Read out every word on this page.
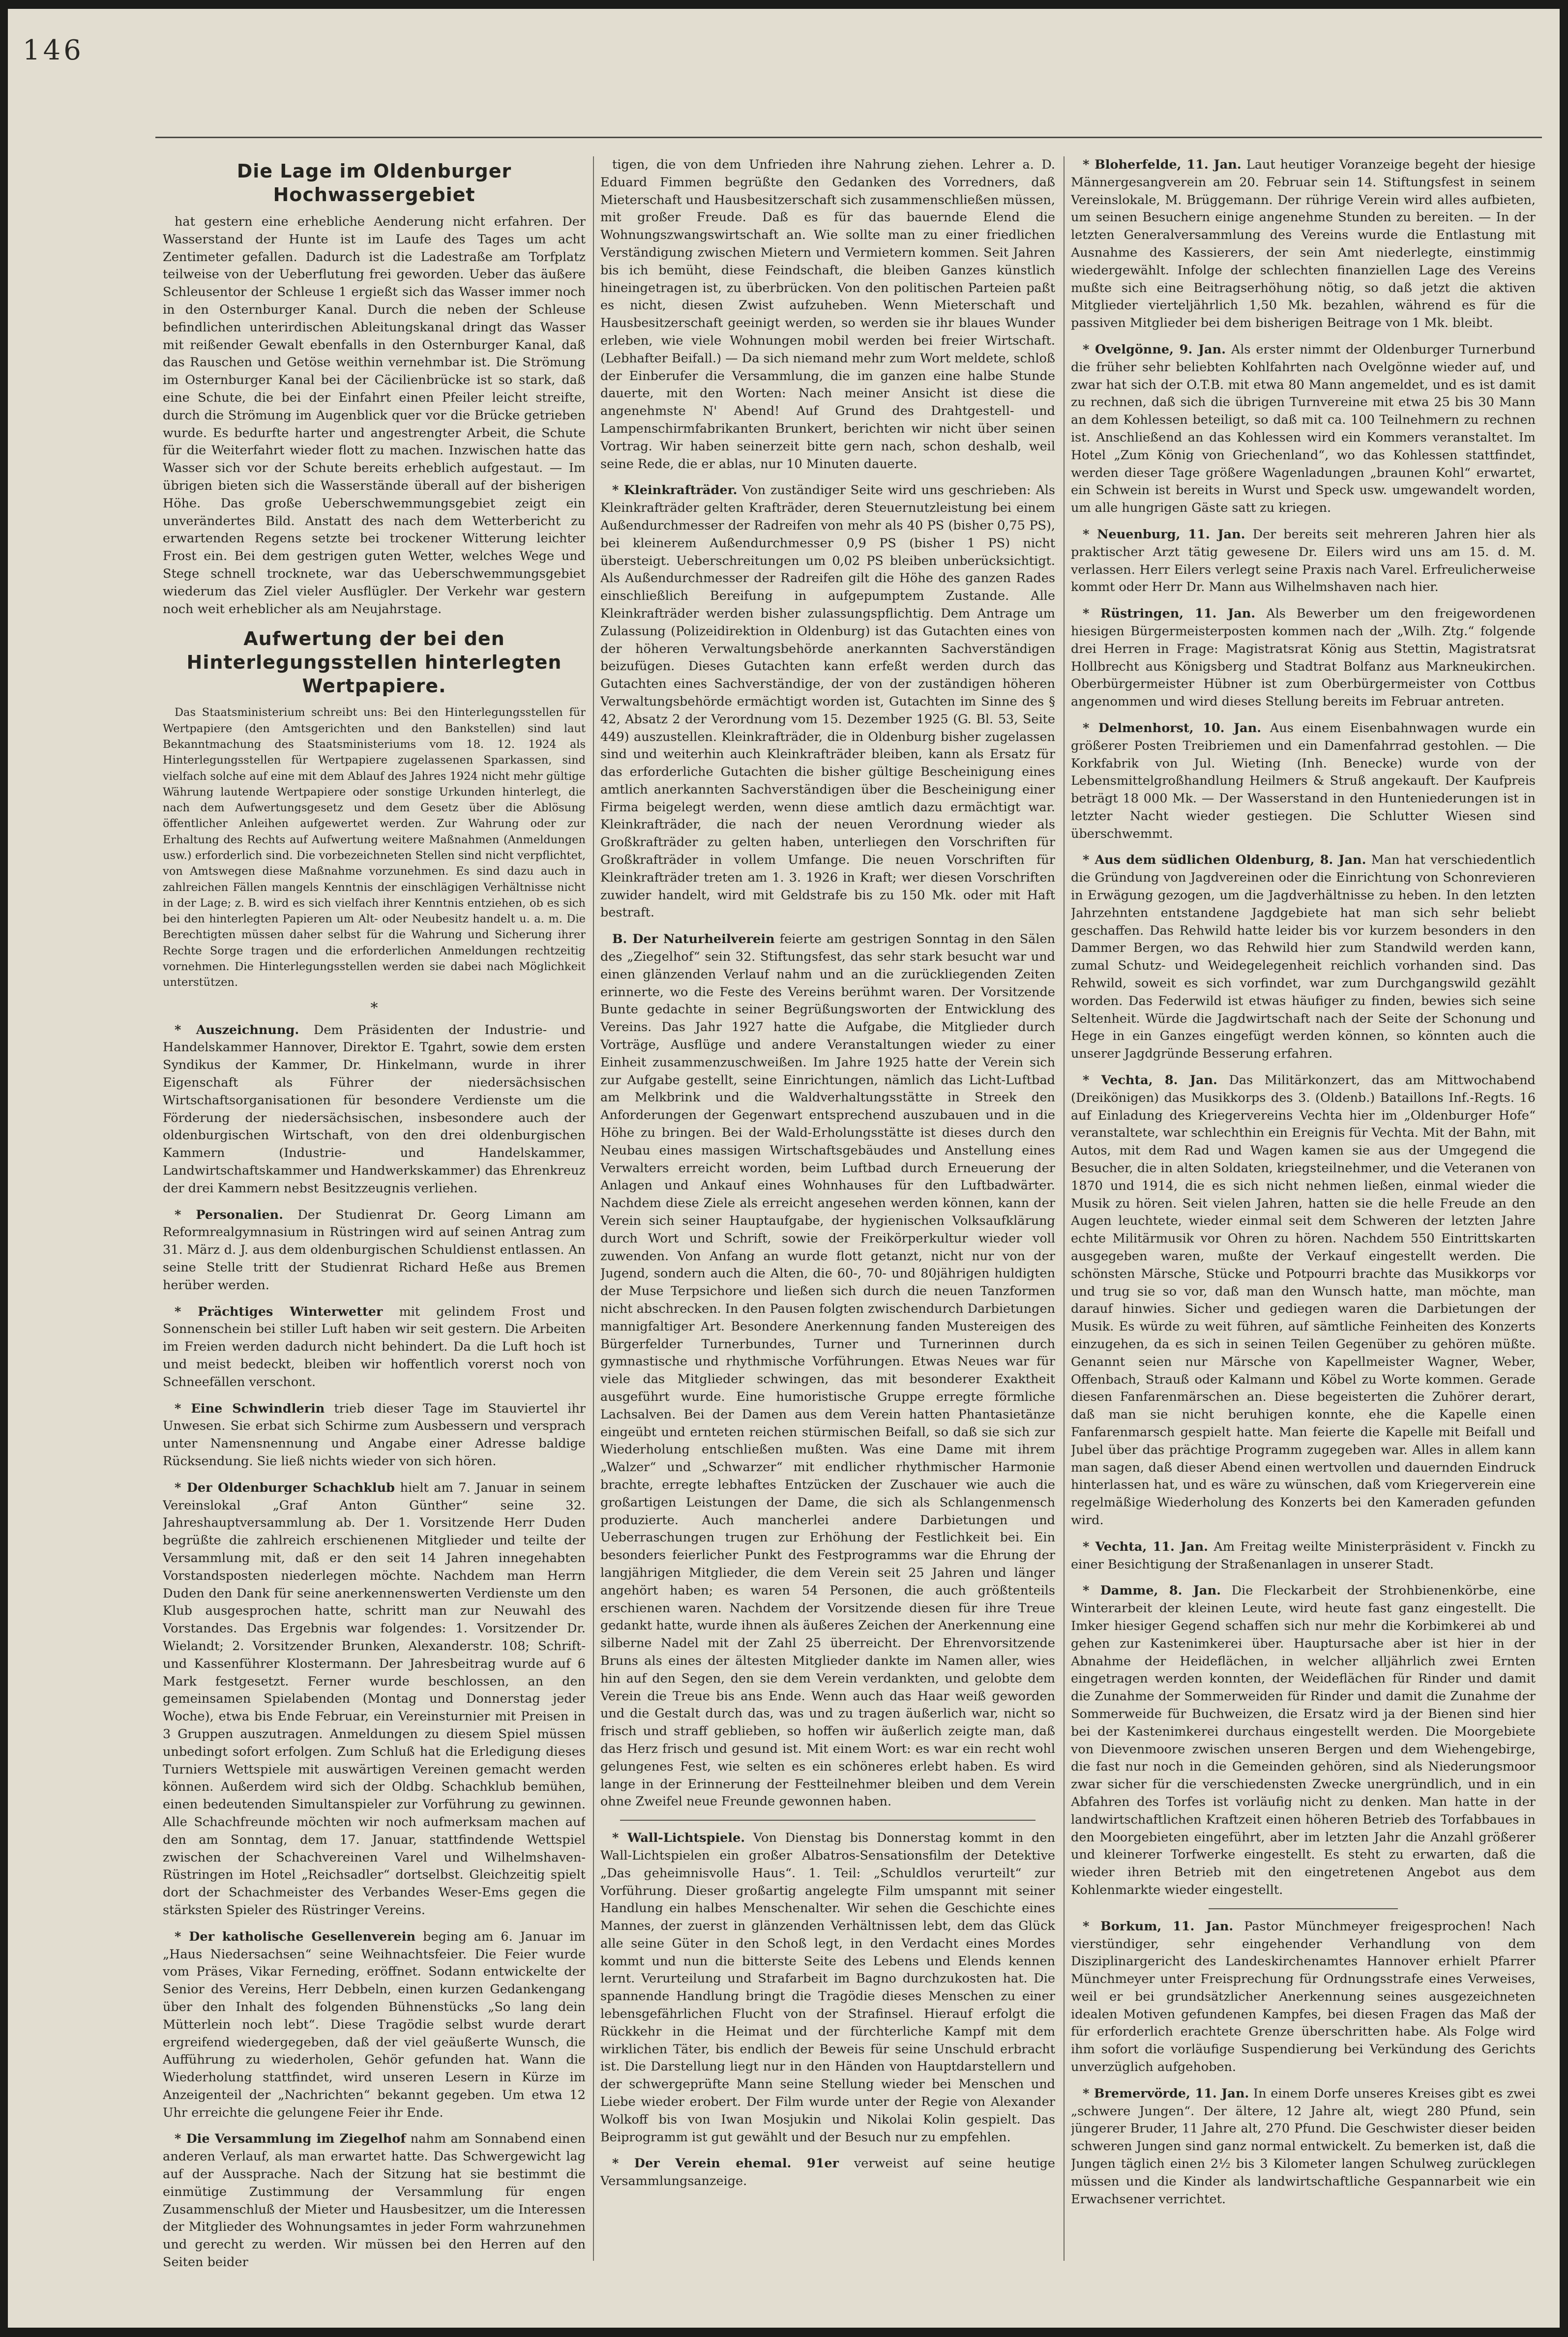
146
Die Lage im Oldenburger Hochwassergebiet

hat gestern eine erhebliche Aenderung nicht erfahren. Der Wasserstand der Hunte ist im Laufe des Tages um acht Zentimeter gefallen. Dadurch ist die Ladestraße am Torfplatz teilweise von der Ueberflutung frei geworden. Ueber das äußere Schleusentor der Schleuse 1 ergießt sich das Wasser immer noch in den Osternburger Kanal. Durch die neben der Schleuse befindlichen unterirdischen Ableitungskanal dringt das Wasser mit reißender Gewalt ebenfalls in den Osternburger Kanal, daß das Rauschen und Getöse weithin vernehmbar ist. Die Strömung im Osternburger Kanal bei der Cäcilienbrücke ist so stark, daß eine Schute, die bei der Einfahrt einen Pfeiler leicht streifte, durch die Strömung im Augenblick quer vor die Brücke getrieben wurde. Es bedurfte harter und angestrengter Arbeit, die Schute für die Weiterfahrt wieder flott zu machen. Inzwischen hatte das Wasser sich vor der Schute bereits erheblich aufgestaut. — Im übrigen bieten sich die Wasserstände überall auf der bisherigen Höhe. Das große Ueberschwemmungsgebiet zeigt ein unverändertes Bild. Anstatt des nach dem Wetterbericht zu erwartenden Regens setzte bei trockener Witterung leichter Frost ein. Bei dem gestrigen guten Wetter, welches Wege und Stege schnell trocknete, war das Ueberschwemmungsgebiet wiederum das Ziel vieler Ausflügler. Der Verkehr war gestern noch weit erheblicher als am Neujahrstage.

Aufwertung der bei den Hinterlegungsstellen hinterlegten Wertpapiere.

Das Staatsministerium schreibt uns: Bei den Hinterlegungsstellen für Wertpapiere (den Amtsgerichten und den Bankstellen) sind laut Bekanntmachung des Staatsministeriums vom 18. 12. 1924 als Hinterlegungsstellen für Wertpapiere zugelassenen Sparkassen, sind vielfach solche auf eine mit dem Ablauf des Jahres 1924 nicht mehr gültige Währung lautende Wertpapiere oder sonstige Urkunden hinterlegt, die nach dem Aufwertungsgesetz und dem Gesetz über die Ablösung öffentlicher Anleihen aufgewertet werden. Zur Wahrung oder zur Erhaltung des Rechts auf Aufwertung weitere Maßnahmen (Anmeldungen usw.) erforderlich sind. Die vorbezeichneten Stellen sind nicht verpflichtet, von Amtswegen diese Maßnahme vorzunehmen. Es sind dazu auch in zahlreichen Fällen mangels Kenntnis der einschlägigen Verhältnisse nicht in der Lage; z. B. wird es sich vielfach ihrer Kenntnis entziehen, ob es sich bei den hinterlegten Papieren um Alt- oder Neubesitz handelt u. a. m. Die Berechtigten müssen daher selbst für die Wahrung und Sicherung ihrer Rechte Sorge tragen und die erforderlichen Anmeldungen rechtzeitig vornehmen. Die Hinterlegungsstellen werden sie dabei nach Möglichkeit unterstützen.

*

* Auszeichnung. Dem Präsidenten der Industrie- und Handelskammer Hannover, Direktor E. Tgahrt, sowie dem ersten Syndikus der Kammer, Dr. Hinkelmann, wurde in ihrer Eigenschaft als Führer der niedersächsischen Wirtschaftsorganisationen für besondere Verdienste um die Förderung der niedersächsischen, insbesondere auch der oldenburgischen Wirtschaft, von den drei oldenburgischen Kammern (Industrie- und Handelskammer, Landwirtschaftskammer und Handwerkskammer) das Ehrenkreuz der drei Kammern nebst Besitzzeugnis verliehen.

* Personalien. Der Studienrat Dr. Georg Limann am Reformrealgymnasium in Rüstringen wird auf seinen Antrag zum 31. März d. J. aus dem oldenburgischen Schuldienst entlassen. An seine Stelle tritt der Studienrat Richard Heße aus Bremen herüber werden.

* Prächtiges Winterwetter mit gelindem Frost und Sonnenschein bei stiller Luft haben wir seit gestern. Die Arbeiten im Freien werden dadurch nicht behindert. Da die Luft hoch ist und meist bedeckt, bleiben wir hoffentlich vorerst noch von Schneefällen verschont.

* Eine Schwindlerin trieb dieser Tage im Stauviertel ihr Unwesen. Sie erbat sich Schirme zum Ausbessern und versprach unter Namensnennung und Angabe einer Adresse baldige Rücksendung. Sie ließ nichts wieder von sich hören.

* Der Oldenburger Schachklub hielt am 7. Januar in seinem Vereinslokal „Graf Anton Günther“ seine 32. Jahreshauptversammlung ab. Der 1. Vorsitzende Herr Duden begrüßte die zahlreich erschienenen Mitglieder und teilte der Versammlung mit, daß er den seit 14 Jahren innegehabten Vorstandsposten niederlegen möchte. Nachdem man Herrn Duden den Dank für seine anerkennenswerten Verdienste um den Klub ausgesprochen hatte, schritt man zur Neuwahl des Vorstandes. Das Ergebnis war folgendes: 1. Vorsitzender Dr. Wielandt; 2. Vorsitzender Brunken, Alexanderstr. 108; Schrift- und Kassenführer Klostermann. Der Jahresbeitrag wurde auf 6 Mark festgesetzt. Ferner wurde beschlossen, an den gemeinsamen Spielabenden (Montag und Donnerstag jeder Woche), etwa bis Ende Februar, ein Vereinsturnier mit Preisen in 3 Gruppen auszutragen. Anmeldungen zu diesem Spiel müssen unbedingt sofort erfolgen. Zum Schluß hat die Erledigung dieses Turniers Wettspiele mit auswärtigen Vereinen gemacht werden können. Außerdem wird sich der Oldbg. Schachklub bemühen, einen bedeutenden Simultanspieler zur Vorführung zu gewinnen. Alle Schachfreunde möchten wir noch aufmerksam machen auf den am Sonntag, dem 17. Januar, stattfindende Wettspiel zwischen der Schachvereinen Varel und Wilhelmshaven-Rüstringen im Hotel „Reichsadler“ dortselbst. Gleichzeitig spielt dort der Schachmeister des Verbandes Weser-Ems gegen die stärksten Spieler des Rüstringer Vereins.

* Der katholische Gesellenverein beging am 6. Januar im „Haus Niedersachsen“ seine Weihnachtsfeier. Die Feier wurde vom Präses, Vikar Ferneding, eröffnet. Sodann entwickelte der Senior des Vereins, Herr Debbeln, einen kurzen Gedankengang über den Inhalt des folgenden Bühnenstücks „So lang dein Mütterlein noch lebt“. Diese Tragödie selbst wurde derart ergreifend wiedergegeben, daß der viel geäußerte Wunsch, die Aufführung zu wiederholen, Gehör gefunden hat. Wann die Wiederholung stattfindet, wird unseren Lesern in Kürze im Anzeigenteil der „Nachrichten“ bekannt gegeben. Um etwa 12 Uhr erreichte die gelungene Feier ihr Ende.

* Die Versammlung im Ziegelhof nahm am Sonnabend einen anderen Verlauf, als man erwartet hatte. Das Schwergewicht lag auf der Aussprache. Nach der Sitzung hat sie bestimmt die einmütige Zustimmung der Versammlung für engen Zusammenschluß der Mieter und Hausbesitzer, um die Interessen der Mitglieder des Wohnungsamtes in jeder Form wahrzunehmen und gerecht zu werden. Wir müssen bei den Herren auf den Seiten beider

tigen, die von dem Unfrieden ihre Nahrung ziehen. Lehrer a. D. Eduard Fimmen begrüßte den Gedanken des Vorredners, daß Mieterschaft und Hausbesitzerschaft sich zusammenschließen müssen, mit großer Freude. Daß es für das bauernde Elend die Wohnungszwangswirtschaft an. Wie sollte man zu einer friedlichen Verständigung zwischen Mietern und Vermietern kommen. Seit Jahren bis ich bemüht, diese Feindschaft, die bleiben Ganzes künstlich hineingetragen ist, zu überbrücken. Von den politischen Parteien paßt es nicht, diesen Zwist aufzuheben. Wenn Mieterschaft und Hausbesitzerschaft geeinigt werden, so werden sie ihr blaues Wunder erleben, wie viele Wohnungen mobil werden bei freier Wirtschaft. (Lebhafter Beifall.) — Da sich niemand mehr zum Wort meldete, schloß der Einberufer die Versammlung, die im ganzen eine halbe Stunde dauerte, mit den Worten: Nach meiner Ansicht ist diese die angenehmste N' Abend! Auf Grund des Drahtgestell- und Lampenschirmfabrikanten Brunkert, berichten wir nicht über seinen Vortrag. Wir haben seinerzeit bitte gern nach, schon deshalb, weil seine Rede, die er ablas, nur 10 Minuten dauerte.

* Kleinkrafträder. Von zuständiger Seite wird uns geschrieben: Als Kleinkrafträder gelten Krafträder, deren Steuernutzleistung bei einem Außendurchmesser der Radreifen von mehr als 40 PS (bisher 0,75 PS), bei kleinerem Außendurchmesser 0,9 PS (bisher 1 PS) nicht übersteigt. Ueberschreitungen um 0,02 PS bleiben unberücksichtigt. Als Außendurchmesser der Radreifen gilt die Höhe des ganzen Rades einschließlich Bereifung in aufgepumptem Zustande. Alle Kleinkrafträder werden bisher zulassungspflichtig. Dem Antrage um Zulassung (Polizeidirektion in Oldenburg) ist das Gutachten eines von der höheren Verwaltungsbehörde anerkannten Sachverständigen beizufügen. Dieses Gutachten kann erfeßt werden durch das Gutachten eines Sachverständige, der von der zuständigen höheren Verwaltungsbehörde ermächtigt worden ist, Gutachten im Sinne des § 42, Absatz 2 der Verordnung vom 15. Dezember 1925 (G. Bl. 53, Seite 449) auszustellen. Kleinkrafträder, die in Oldenburg bisher zugelassen sind und weiterhin auch Kleinkrafträder bleiben, kann als Ersatz für das erforderliche Gutachten die bisher gültige Bescheinigung eines amtlich anerkannten Sachverständigen über die Bescheinigung einer Firma beigelegt werden, wenn diese amtlich dazu ermächtigt war. Kleinkrafträder, die nach der neuen Verordnung wieder als Großkrafträder zu gelten haben, unterliegen den Vorschriften für Großkrafträder in vollem Umfange. Die neuen Vorschriften für Kleinkrafträder treten am 1. 3. 1926 in Kraft; wer diesen Vorschriften zuwider handelt, wird mit Geldstrafe bis zu 150 Mk. oder mit Haft bestraft.

B. Der Naturheilverein feierte am gestrigen Sonntag in den Sälen des „Ziegelhof“ sein 32. Stiftungsfest, das sehr stark besucht war und einen glänzenden Verlauf nahm und an die zurückliegenden Zeiten erinnerte, wo die Feste des Vereins berühmt waren. Der Vorsitzende Bunte gedachte in seiner Begrüßungsworten der Entwicklung des Vereins. Das Jahr 1927 hatte die Aufgabe, die Mitglieder durch Vorträge, Ausflüge und andere Veranstaltungen wieder zu einer Einheit zusammenzuschweißen. Im Jahre 1925 hatte der Verein sich zur Aufgabe gestellt, seine Einrichtungen, nämlich das Licht-Luftbad am Melkbrink und die Waldverhaltungsstätte in Streek den Anforderungen der Gegenwart entsprechend auszubauen und in die Höhe zu bringen. Bei der Wald-Erholungsstätte ist dieses durch den Neubau eines massigen Wirtschaftsgebäudes und Anstellung eines Verwalters erreicht worden, beim Luftbad durch Erneuerung der Anlagen und Ankauf eines Wohnhauses für den Luftbadwärter. Nachdem diese Ziele als erreicht angesehen werden können, kann der Verein sich seiner Hauptaufgabe, der hygienischen Volksaufklärung durch Wort und Schrift, sowie der Freikörperkultur wieder voll zuwenden. Von Anfang an wurde flott getanzt, nicht nur von der Jugend, sondern auch die Alten, die 60-, 70- und 80jährigen huldigten der Muse Terpsichore und ließen sich durch die neuen Tanzformen nicht abschrecken. In den Pausen folgten zwischendurch Darbietungen mannigfaltiger Art. Besondere Anerkennung fanden Mustereigen des Bürgerfelder Turnerbundes, Turner und Turnerinnen durch gymnastische und rhythmische Vorführungen. Etwas Neues war für viele das Mitglieder schwingen, das mit besonderer Exaktheit ausgeführt wurde. Eine humoristische Gruppe erregte förmliche Lachsalven. Bei der Damen aus dem Verein hatten Phantasietänze eingeübt und ernteten reichen stürmischen Beifall, so daß sie sich zur Wiederholung entschließen mußten. Was eine Dame mit ihrem „Walzer“ und „Schwarzer“ mit endlicher rhythmischer Harmonie brachte, erregte lebhaftes Entzücken der Zuschauer wie auch die großartigen Leistungen der Dame, die sich als Schlangenmensch produzierte. Auch mancherlei andere Darbietungen und Ueberraschungen trugen zur Erhöhung der Festlichkeit bei. Ein besonders feierlicher Punkt des Festprogramms war die Ehrung der langjährigen Mitglieder, die dem Verein seit 25 Jahren und länger angehört haben; es waren 54 Personen, die auch größtenteils erschienen waren. Nachdem der Vorsitzende diesen für ihre Treue gedankt hatte, wurde ihnen als äußeres Zeichen der Anerkennung eine silberne Nadel mit der Zahl 25 überreicht. Der Ehrenvorsitzende Bruns als eines der ältesten Mitglieder dankte im Namen aller, wies hin auf den Segen, den sie dem Verein verdankten, und gelobte dem Verein die Treue bis ans Ende. Wenn auch das Haar weiß geworden und die Gestalt durch das, was und zu tragen äußerlich war, nicht so frisch und straff geblieben, so hoffen wir äußerlich zeigte man, daß das Herz frisch und gesund ist. Mit einem Wort: es war ein recht wohl gelungenes Fest, wie selten es ein schöneres erlebt haben. Es wird lange in der Erinnerung der Festteilnehmer bleiben und dem Verein ohne Zweifel neue Freunde gewonnen haben.

* Wall-Lichtspiele. Von Dienstag bis Donnerstag kommt in den Wall-Lichtspielen ein großer Albatros-Sensationsfilm der Detektive „Das geheimnisvolle Haus“. 1. Teil: „Schuldlos verurteilt“ zur Vorführung. Dieser großartig angelegte Film umspannt mit seiner Handlung ein halbes Menschenalter. Wir sehen die Geschichte eines Mannes, der zuerst in glänzenden Verhältnissen lebt, dem das Glück alle seine Güter in den Schoß legt, in den Verdacht eines Mordes kommt und nun die bitterste Seite des Lebens und Elends kennen lernt. Verurteilung und Strafarbeit im Bagno durchzukosten hat. Die spannende Handlung bringt die Tragödie dieses Menschen zu einer lebensgefährlichen Flucht von der Strafinsel. Hierauf erfolgt die Rückkehr in die Heimat und der fürchterliche Kampf mit dem wirklichen Täter, bis endlich der Beweis für seine Unschuld erbracht ist. Die Darstellung liegt nur in den Händen von Hauptdarstellern und der schwergeprüfte Mann seine Stellung wieder bei Menschen und Liebe wieder erobert. Der Film wurde unter der Regie von Alexander Wolkoff bis von Iwan Mosjukin und Nikolai Kolin gespielt. Das Beiprogramm ist gut gewählt und der Besuch nur zu empfehlen.

* Der Verein ehemal. 91er verweist auf seine heutige Versammlungsanzeige.

* Bloherfelde, 11. Jan. Laut heutiger Voranzeige begeht der hiesige Männergesangverein am 20. Februar sein 14. Stiftungsfest in seinem Vereinslokale, M. Brüggemann. Der rührige Verein wird alles aufbieten, um seinen Besuchern einige angenehme Stunden zu bereiten. — In der letzten Generalversammlung des Vereins wurde die Entlastung mit Ausnahme des Kassierers, der sein Amt niederlegte, einstimmig wiedergewählt. Infolge der schlechten finanziellen Lage des Vereins mußte sich eine Beitragserhöhung nötig, so daß jetzt die aktiven Mitglieder vierteljährlich 1,50 Mk. bezahlen, während es für die passiven Mitglieder bei dem bisherigen Beitrage von 1 Mk. bleibt.

* Ovelgönne, 9. Jan. Als erster nimmt der Oldenburger Turnerbund die früher sehr beliebten Kohlfahrten nach Ovelgönne wieder auf, und zwar hat sich der O.T.B. mit etwa 80 Mann angemeldet, und es ist damit zu rechnen, daß sich die übrigen Turnvereine mit etwa 25 bis 30 Mann an dem Kohlessen beteiligt, so daß mit ca. 100 Teilnehmern zu rechnen ist. Anschließend an das Kohlessen wird ein Kommers veranstaltet. Im Hotel „Zum König von Griechenland“, wo das Kohlessen stattfindet, werden dieser Tage größere Wagenladungen „braunen Kohl“ erwartet, ein Schwein ist bereits in Wurst und Speck usw. umgewandelt worden, um alle hungrigen Gäste satt zu kriegen.

* Neuenburg, 11. Jan. Der bereits seit mehreren Jahren hier als praktischer Arzt tätig gewesene Dr. Eilers wird uns am 15. d. M. verlassen. Herr Eilers verlegt seine Praxis nach Varel. Erfreulicherweise kommt oder Herr Dr. Mann aus Wilhelmshaven nach hier.

* Rüstringen, 11. Jan. Als Bewerber um den freigewordenen hiesigen Bürgermeisterposten kommen nach der „Wilh. Ztg.“ folgende drei Herren in Frage: Magistratsrat König aus Stettin, Magistratsrat Hollbrecht aus Königsberg und Stadtrat Bolfanz aus Markneukirchen. Oberbürgermeister Hübner ist zum Oberbürgermeister von Cottbus angenommen und wird dieses Stellung bereits im Februar antreten.

* Delmenhorst, 10. Jan. Aus einem Eisenbahnwagen wurde ein größerer Posten Treibriemen und ein Damenfahrrad gestohlen. — Die Korkfabrik von Jul. Wieting (Inh. Benecke) wurde von der Lebensmittelgroßhandlung Heilmers & Struß angekauft. Der Kaufpreis beträgt 18 000 Mk. — Der Wasserstand in den Hunteniederungen ist in letzter Nacht wieder gestiegen. Die Schlutter Wiesen sind überschwemmt.

* Aus dem südlichen Oldenburg, 8. Jan. Man hat verschiedentlich die Gründung von Jagdvereinen oder die Einrichtung von Schonrevieren in Erwägung gezogen, um die Jagdverhältnisse zu heben. In den letzten Jahrzehnten entstandene Jagdgebiete hat man sich sehr beliebt geschaffen. Das Rehwild hatte leider bis vor kurzem besonders in den Dammer Bergen, wo das Rehwild hier zum Standwild werden kann, zumal Schutz- und Weidegelegenheit reichlich vorhanden sind. Das Rehwild, soweit es sich vorfindet, war zum Durchgangswild gezählt worden. Das Federwild ist etwas häufiger zu finden, bewies sich seine Seltenheit. Würde die Jagdwirtschaft nach der Seite der Schonung und Hege in ein Ganzes eingefügt werden können, so könnten auch die unserer Jagdgründe Besserung erfahren.

* Vechta, 8. Jan. Das Militärkonzert, das am Mittwochabend (Dreikönigen) das Musikkorps des 3. (Oldenb.) Bataillons Inf.-Regts. 16 auf Einladung des Kriegervereins Vechta hier im „Oldenburger Hofe“ veranstaltete, war schlechthin ein Ereignis für Vechta. Mit der Bahn, mit Autos, mit dem Rad und Wagen kamen sie aus der Umgegend die Besucher, die in alten Soldaten, kriegsteilnehmer, und die Veteranen von 1870 und 1914, die es sich nicht nehmen ließen, einmal wieder die Musik zu hören. Seit vielen Jahren, hatten sie die helle Freude an den Augen leuchtete, wieder einmal seit dem Schweren der letzten Jahre echte Militärmusik vor Ohren zu hören. Nachdem 550 Eintrittskarten ausgegeben waren, mußte der Verkauf eingestellt werden. Die schönsten Märsche, Stücke und Potpourri brachte das Musikkorps vor und trug sie so vor, daß man den Wunsch hatte, man möchte, man darauf hinwies. Sicher und gediegen waren die Darbietungen der Musik. Es würde zu weit führen, auf sämtliche Feinheiten des Konzerts einzugehen, da es sich in seinen Teilen Gegenüber zu gehören müßte. Genannt seien nur Märsche von Kapellmeister Wagner, Weber, Offenbach, Strauß oder Kalmann und Köbel zu Worte kommen. Gerade diesen Fanfarenmärschen an. Diese begeisterten die Zuhörer derart, daß man sie nicht beruhigen konnte, ehe die Kapelle einen Fanfarenmarsch gespielt hatte. Man feierte die Kapelle mit Beifall und Jubel über das prächtige Programm zugegeben war. Alles in allem kann man sagen, daß dieser Abend einen wertvollen und dauernden Eindruck hinterlassen hat, und es wäre zu wünschen, daß vom Kriegerverein eine regelmäßige Wiederholung des Konzerts bei den Kameraden gefunden wird.

* Vechta, 11. Jan. Am Freitag weilte Ministerpräsident v. Finckh zu einer Besichtigung der Straßenanlagen in unserer Stadt.

* Damme, 8. Jan. Die Fleckarbeit der Strohbienenkörbe, eine Winterarbeit der kleinen Leute, wird heute fast ganz eingestellt. Die Imker hiesiger Gegend schaffen sich nur mehr die Korbimkerei ab und gehen zur Kastenimkerei über. Hauptursache aber ist hier in der Abnahme der Heideflächen, in welcher alljährlich zwei Ernten eingetragen werden konnten, der Weideflächen für Rinder und damit die Zunahme der Sommerweiden für Rinder und damit die Zunahme der Sommerweide für Buchweizen, die Ersatz wird ja der Bienen sind hier bei der Kastenimkerei durchaus eingestellt werden. Die Moorgebiete von Dievenmoore zwischen unseren Bergen und dem Wiehengebirge, die fast nur noch in die Gemeinden gehören, sind als Niederungsmoor zwar sicher für die verschiedensten Zwecke unergründlich, und in ein Abfahren des Torfes ist vorläufig nicht zu denken. Man hatte in der landwirtschaftlichen Kraftzeit einen höheren Betrieb des Torfabbaues in den Moorgebieten eingeführt, aber im letzten Jahr die Anzahl größerer und kleinerer Torfwerke eingestellt. Es steht zu erwarten, daß die wieder ihren Betrieb mit den eingetretenen Angebot aus dem Kohlenmarkte wieder eingestellt.

* Borkum, 11. Jan. Pastor Münchmeyer freigesprochen! Nach vierstündiger, sehr eingehender Verhandlung von dem Disziplinargericht des Landeskirchenamtes Hannover erhielt Pfarrer Münchmeyer unter Freisprechung für Ordnungsstrafe eines Verweises, weil er bei grundsätzlicher Anerkennung seines ausgezeichneten idealen Motiven gefundenen Kampfes, bei diesen Fragen das Maß der für erforderlich erachtete Grenze überschritten habe. Als Folge wird ihm sofort die vorläufige Suspendierung bei Verkündung des Gerichts unverzüglich aufgehoben.

* Bremervörde, 11. Jan. In einem Dorfe unseres Kreises gibt es zwei „schwere Jungen“. Der ältere, 12 Jahre alt, wiegt 280 Pfund, sein jüngerer Bruder, 11 Jahre alt, 270 Pfund. Die Geschwister dieser beiden schweren Jungen sind ganz normal entwickelt. Zu bemerken ist, daß die Jungen täglich einen 2½ bis 3 Kilometer langen Schulweg zurücklegen müssen und die Kinder als landwirtschaftliche Gespannarbeit wie ein Erwachsener verrichtet.
